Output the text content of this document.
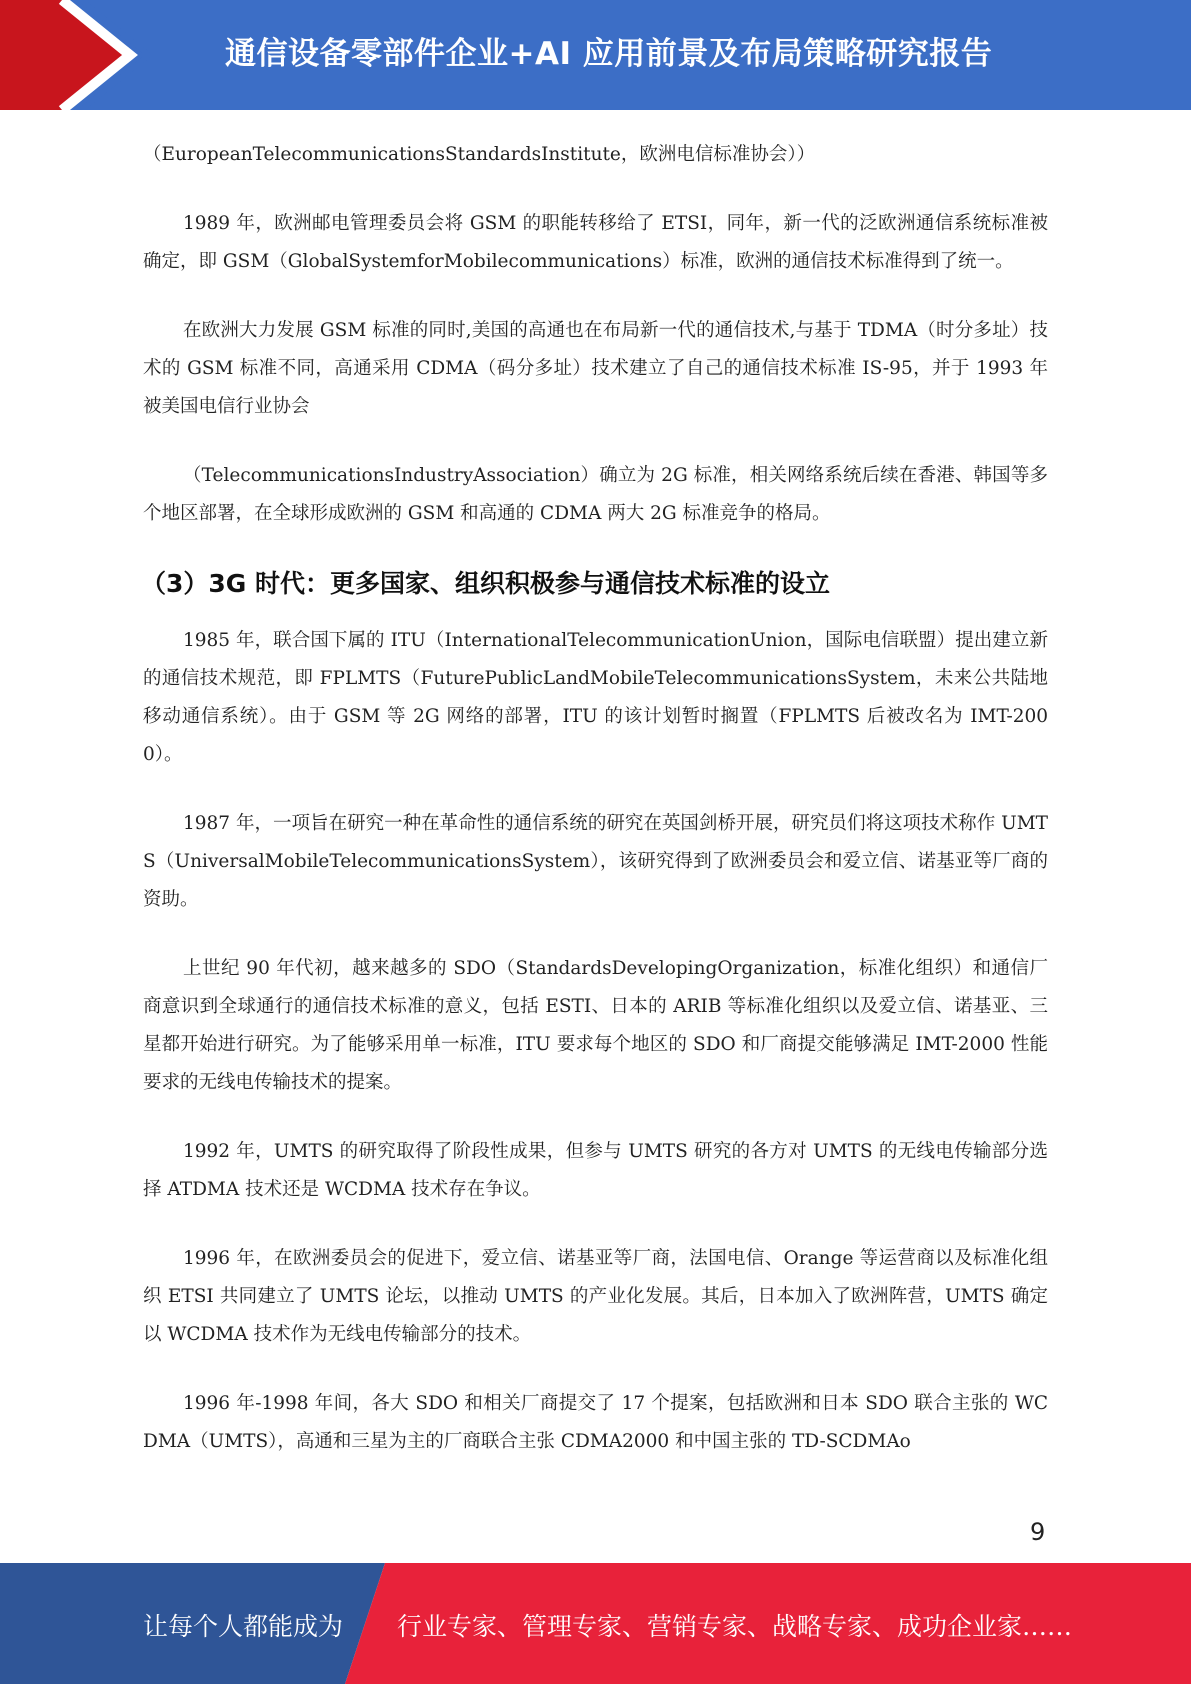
通信设备零部件企业+AI 应用前景及布局策略研究报告

（EuropeanTelecommunicationsStandardsInstitute，欧洲电信标准协会））

1989 年，欧洲邮电管理委员会将 GSM 的职能转移给了 ETSI，同年，新一代的泛欧洲通信系统标准被确定，即 GSM（GlobalSystemforMobilecommunications）标准，欧洲的通信技术标准得到了统一。

在欧洲大力发展 GSM 标准的同时,美国的高通也在布局新一代的通信技术,与基于 TDMA（时分多址）技术的 GSM 标准不同，高通采用 CDMA（码分多址）技术建立了自己的通信技术标准 IS-95，并于 1993 年被美国电信行业协会

（TelecommunicationsIndustryAssociation）确立为 2G 标准，相关网络系统后续在香港、韩国等多个地区部署，在全球形成欧洲的 GSM 和高通的 CDMA 两大 2G 标准竞争的格局。

（3）3G 时代：更多国家、组织积极参与通信技术标准的设立

1985 年，联合国下属的 ITU（InternationalTelecommunicationUnion，国际电信联盟）提出建立新的通信技术规范，即 FPLMTS（FuturePublicLandMobileTelecommunicationsSystem，未来公共陆地移动通信系统）。由于 GSM 等 2G 网络的部署，ITU 的该计划暂时搁置（FPLMTS 后被改名为 IMT-2000）。

1987 年，一项旨在研究一种在革命性的通信系统的研究在英国剑桥开展，研究员们将这项技术称作 UMTS（UniversalMobileTelecommunicationsSystem），该研究得到了欧洲委员会和爱立信、诺基亚等厂商的资助。

上世纪 90 年代初，越来越多的 SDO（StandardsDevelopingOrganization，标准化组织）和通信厂商意识到全球通行的通信技术标准的意义，包括 ESTI、日本的 ARIB 等标准化组织以及爱立信、诺基亚、三星都开始进行研究。为了能够采用单一标准，ITU 要求每个地区的 SDO 和厂商提交能够满足 IMT-2000 性能要求的无线电传输技术的提案。

1992 年，UMTS 的研究取得了阶段性成果，但参与 UMTS 研究的各方对 UMTS 的无线电传输部分选择 ATDMA 技术还是 WCDMA 技术存在争议。

1996 年，在欧洲委员会的促进下，爱立信、诺基亚等厂商，法国电信、Orange 等运营商以及标准化组织 ETSI 共同建立了 UMTS 论坛，以推动 UMTS 的产业化发展。其后，日本加入了欧洲阵营，UMTS 确定以 WCDMA 技术作为无线电传输部分的技术。

1996 年-1998 年间，各大 SDO 和相关厂商提交了 17 个提案，包括欧洲和日本 SDO 联合主张的 WCDMA（UMTS），高通和三星为主的厂商联合主张 CDMA2000 和中国主张的 TD-SCDMAo

9
让每个人都能成为 行业专家、管理专家、营销专家、战略专家、成功企业家……
